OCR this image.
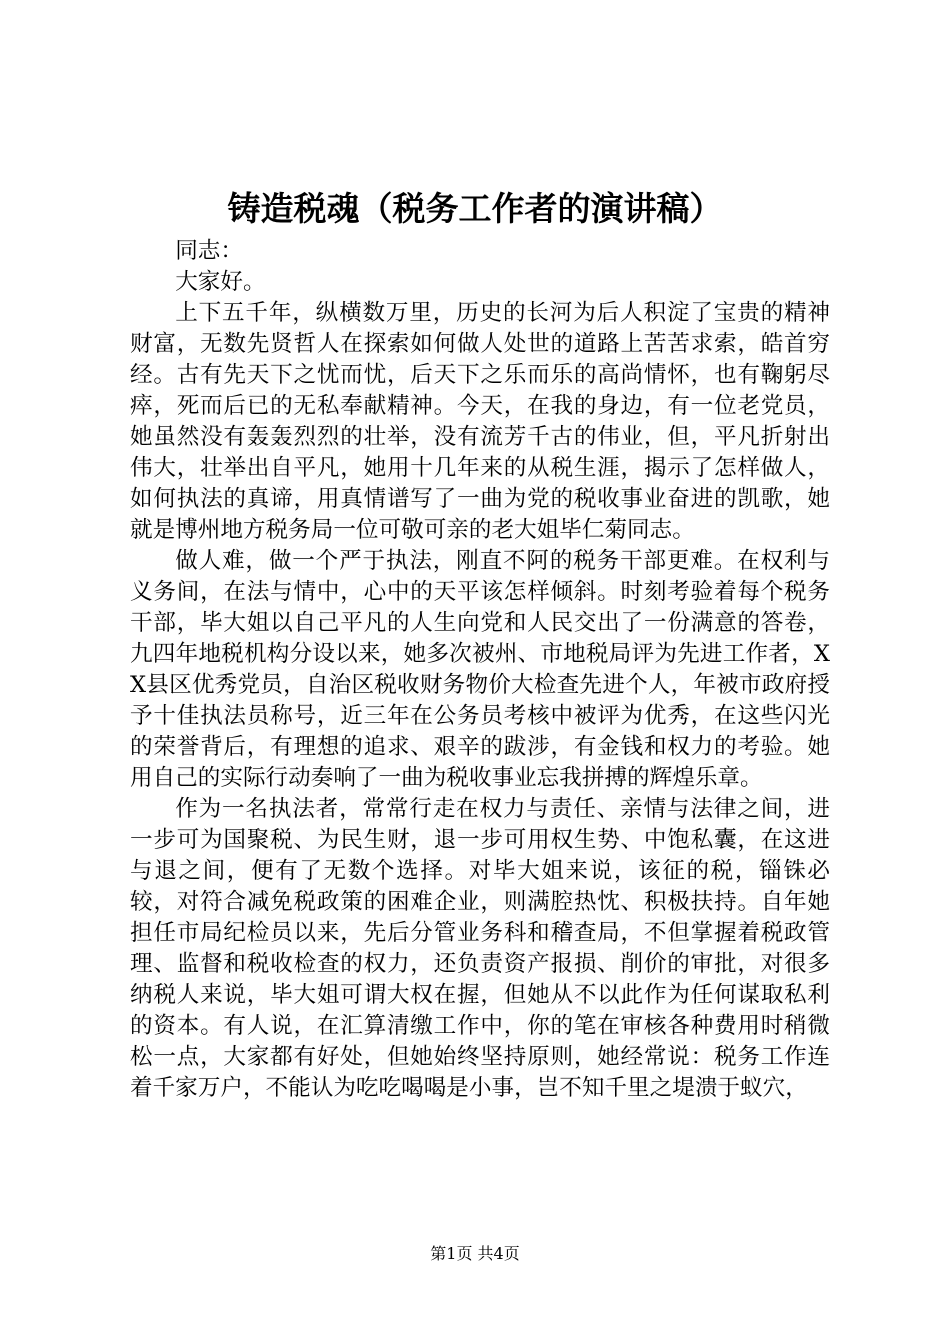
铸造税魂（税务工作者的演讲稿）

同志：

大家好。

上下五千年，纵横数万里，历史的长河为后人积淀了宝贵的精神财富，无数先贤哲人在探索如何做人处世的道路上苦苦求索，皓首穷经。古有先天下之忧而忧，后天下之乐而乐的高尚情怀，也有鞠躬尽瘁，死而后已的无私奉献精神。今天，在我的身边，有一位老党员，她虽然没有轰轰烈烈的壮举，没有流芳千古的伟业，但，平凡折射出伟大，壮举出自平凡，她用十几年来的从税生涯，揭示了怎样做人，如何执法的真谛，用真情谱写了一曲为党的税收事业奋进的凯歌，她就是博州地方税务局一位可敬可亲的老大姐毕仁菊同志。

做人难，做一个严于执法，刚直不阿的税务干部更难。在权利与义务间，在法与情中，心中的天平该怎样倾斜。时刻考验着每个税务干部，毕大姐以自己平凡的人生向党和人民交出了一份满意的答卷，九四年地税机构分设以来，她多次被州、市地税局评为先进工作者，XX县区优秀党员，自治区税收财务物价大检查先进个人，年被市政府授予十佳执法员称号，近三年在公务员考核中被评为优秀，在这些闪光的荣誉背后，有理想的追求、艰辛的跋涉，有金钱和权力的考验。她用自己的实际行动奏响了一曲为税收事业忘我拼搏的辉煌乐章。

作为一名执法者，常常行走在权力与责任、亲情与法律之间，进一步可为国聚税、为民生财，退一步可用权生势、中饱私囊，在这进与退之间，便有了无数个选择。对毕大姐来说，该征的税，锱铢必较，对符合减免税政策的困难企业，则满腔热忱、积极扶持。自年她担任市局纪检员以来，先后分管业务科和稽查局，不但掌握着税政管理、监督和税收检查的权力，还负责资产报损、削价的审批，对很多纳税人来说，毕大姐可谓大权在握，但她从不以此作为任何谋取私利的资本。有人说，在汇算清缴工作中，你的笔在审核各种费用时稍微松一点，大家都有好处，但她始终坚持原则，她经常说：税务工作连着千家万户，不能认为吃吃喝喝是小事，岂不知千里之堤溃于蚁穴，

第1页 共4页
